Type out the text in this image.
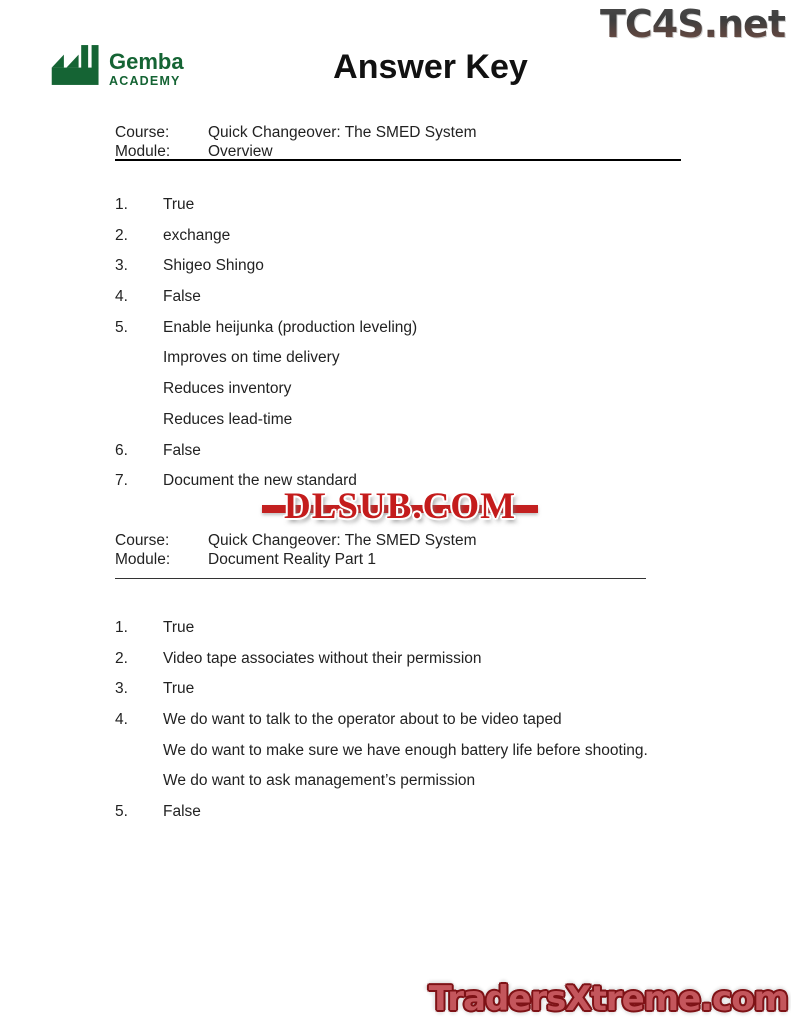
TC4S.net
Gemba
ACADEMY	Answer Key
Course:	Quick Changeover: The SMED System
Module:	Overview
1.	True
2.	exchange
3.	Shigeo Shingo
4.	False
5.	Enable heijunka (production leveling)
Improves on time delivery
Reduces inventory
Reduces lead-time
6.	False
7.	Document the new standard
DLSUB.COM
Course:	Quick Changeover: The SMED System
Module:	Document Reality Part 1
1.	True
2.	Video tape associates without their permission
3.	True
4.	We do want to talk to the operator about to be video taped
We do want to make sure we have enough battery life before shooting.
We do want to ask management’s permission
5.	False
TradersXtreme.com
